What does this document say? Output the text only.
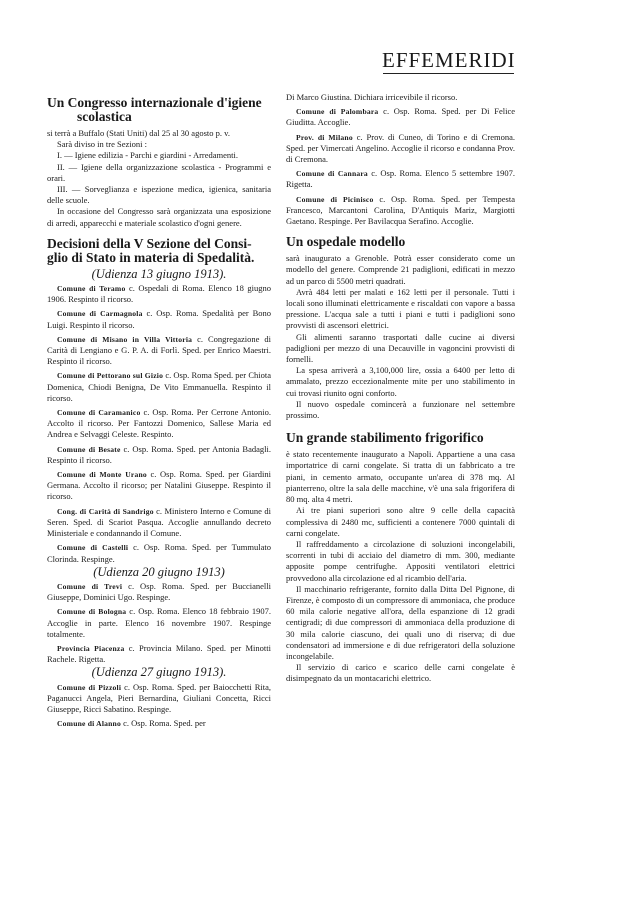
EFFEMERIDI
Un Congresso internazionale d'igiene
scolastica

si terrà a Buffalo (Stati Uniti) dal 25 al 30 agosto p. v.

Sarà diviso in tre Sezioni :

I. — Igiene edilizia - Parchi e giardini - Arredamenti.

II. — Igiene della organizzazione scolastica - Programmi e orari.

III. — Sorveglianza e ispezione medica, igienica, sanitaria delle scuole.

In occasione del Congresso sarà organizzata una esposizione di arredi, apparecchi e materiale scolastico d'ogni genere.

Decisioni della V Sezione del Consi-
glio di Stato in materia di Spedalità.
(Udienza 13 giugno 1913).

Comune di Teramo c. Ospedali di Roma. Elenco 18 giugno 1906. Respinto il ricorso.

Comune di Carmagnola c. Osp. Roma. Spedalità per Bono Luigi. Respinto il ricorso.

Comune di Misano in Villa Vittoria c. Congregazione di Carità di Lengiano e G. P. A. di Forlì. Sped. per Enrico Maestri. Respinto il ricorso.

Comune di Pettorano sul Gizio c. Osp. Roma Sped. per Chiota Domenica, Chiodi Benigna, De Vito Emmanuella. Respinto il ricorso.

Comune di Caramanico c. Osp. Roma. Per Cerrone Antonio. Accolto il ricorso. Per Fantozzi Domenico, Sallese Maria ed Andrea e Selvaggi Celeste. Respinto.

Comune di Besate c. Osp. Roma. Sped. per Antonia Badagli. Respinto il ricorso.

Comune di Monte Urano c. Osp. Roma. Sped. per Giardini Germana. Accolto il ricorso; per Natalini Giuseppe. Respinto il ricorso.

Cong. di Carità di Sandrigo c. Ministero Interno e Comune di Seren. Sped. di Scariot Pasqua. Accoglie annullando decreto Ministeriale e condannando il Comune.

Comune di Castelli c. Osp. Roma. Sped. per Tummulato Clorinda. Respinge.

(Udienza 20 giugno 1913)

Comune di Trevi c. Osp. Roma. Sped. per Buccianelli Giuseppe, Dominici Ugo. Respinge.

Comune di Bologna c. Osp. Roma. Elenco 18 febbraio 1907. Accoglie in parte. Elenco 16 novembre 1907. Respinge totalmente.

Provincia Piacenza c. Provincia Milano. Sped. per Minotti Rachele. Rigetta.

(Udienza 27 giugno 1913).

Comune di Pizzoli c. Osp. Roma. Sped. per Baiocchetti Rita, Paganucci Angela, Pieri Bernardina, Giuliani Concetta, Ricci Giuseppe, Ricci Sabatino. Respinge.

Comune di Alanno c. Osp. Roma. Sped. per

Di Marco Giustina. Dichiara irricevibile il ricorso.

Comune di Palombara c. Osp. Roma. Sped. per Di Felice Giuditta. Accoglie.

Prov. di Milano c. Prov. di Cuneo, di Torino e di Cremona. Sped. per Vimercati Angelino. Accoglie il ricorso e condanna Prov. di Cremona.

Comune di Cannara c. Osp. Roma. Elenco 5 settembre 1907. Rigetta.

Comune di Picinisco c. Osp. Roma. Sped. per Tempesta Francesco, Marcantoni Carolina, D'Antiquis Mariz, Margiotti Gaetano. Respinge. Per Bavilacqua Serafino. Accoglie.

Un ospedale modello

sarà inaugurato a Grenoble. Potrà esser considerato come un modello del genere. Comprende 21 padiglioni, edificati in mezzo ad un parco di 5500 metri quadrati.

Avrà 484 letti per malati e 162 letti per il personale. Tutti i locali sono illuminati elettricamente e riscaldati con vapore a bassa pressione. L'acqua sale a tutti i piani e tutti i padiglioni sono provvisti di ascensori elettrici.

Gli alimenti saranno trasportati dalle cucine ai diversi padiglioni per mezzo di una Decauville in vagoncini provvisti di fornelli.

La spesa arriverà a 3,100,000 lire, ossia a 6400 per letto di ammalato, prezzo eccezionalmente mite per uno stabilimento in cui trovasi riunito ogni conforto.

Il nuovo ospedale comincerà a funzionare nel settembre prossimo.

Un grande stabilimento frigorifico

è stato recentemente inaugurato a Napoli. Appartiene a una casa importatrice di carni congelate. Si tratta di un fabbricato a tre piani, in cemento armato, occupante un'area di 378 mq. Al pianterreno, oltre la sala delle macchine, v'è una sala frigorifera di 80 mq. alta 4 metri.

Ai tre piani superiori sono altre 9 celle della capacità complessiva di 2480 mc, sufficienti a contenere 7000 quintali di carni congelate.

Il raffreddamento a circolazione di soluzioni incongelabili, scorrenti in tubi di acciaio del diametro di mm. 300, mediante apposite pompe centrifughe. Appositi ventilatori elettrici provvedono alla circolazione ed al ricambio dell'aria.

Il macchinario refrigerante, fornito dalla Ditta Del Pignone, di Firenze, è composto di un compressore di ammoniaca, che produce 60 mila calorie negative all'ora, della espanzione di 12 gradi centigradi; di due compressori di ammoniaca della produzione di 30 mila calorie ciascuno, dei quali uno di riserva; di due condensatori ad immersione e di due refrigeratori della soluzione incongelabile.

Il servizio di carico e scarico delle carni congelate è disimpegnato da un montacarichi elettrico.
